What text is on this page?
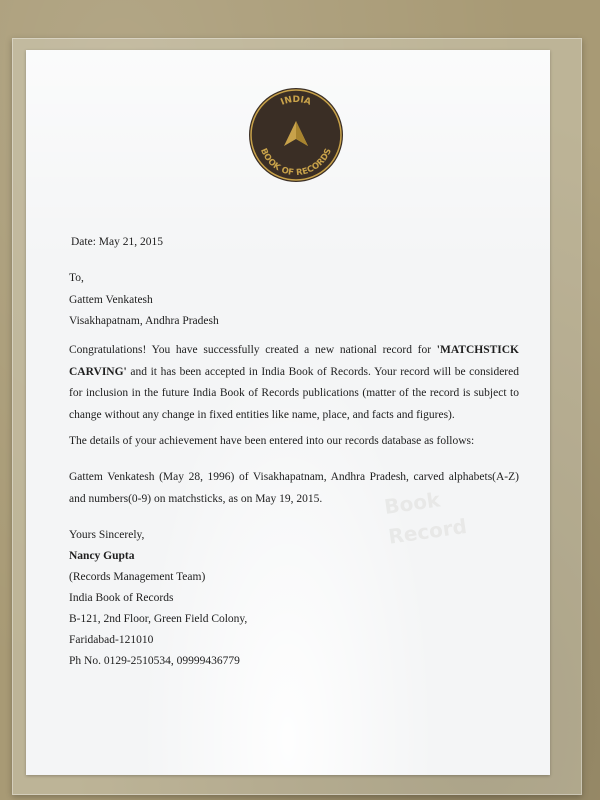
INDIA
BOOK OF RECORDS
Book
Record
Date: May 21, 2015
To,
Gattem Venkatesh
Visakhapatnam, Andhra Pradesh
Congratulations! You have successfully created a new national record for 'MATCHSTICK CARVING' and it has been accepted in India Book of Records. Your record will be considered for inclusion in the future India Book of Records publications (matter of the record is subject to change without any change in fixed entities like name, place, and facts and figures).
The details of your achievement have been entered into our records database as follows:
Gattem Venkatesh (May 28, 1996) of Visakhapatnam, Andhra Pradesh, carved alphabets(A-Z) and numbers(0-9) on matchsticks, as on May 19, 2015.
Yours Sincerely,
Nancy Gupta
(Records Management Team)
India Book of Records
B-121, 2nd Floor, Green Field Colony,
Faridabad-121010
Ph No. 0129-2510534, 09999436779
